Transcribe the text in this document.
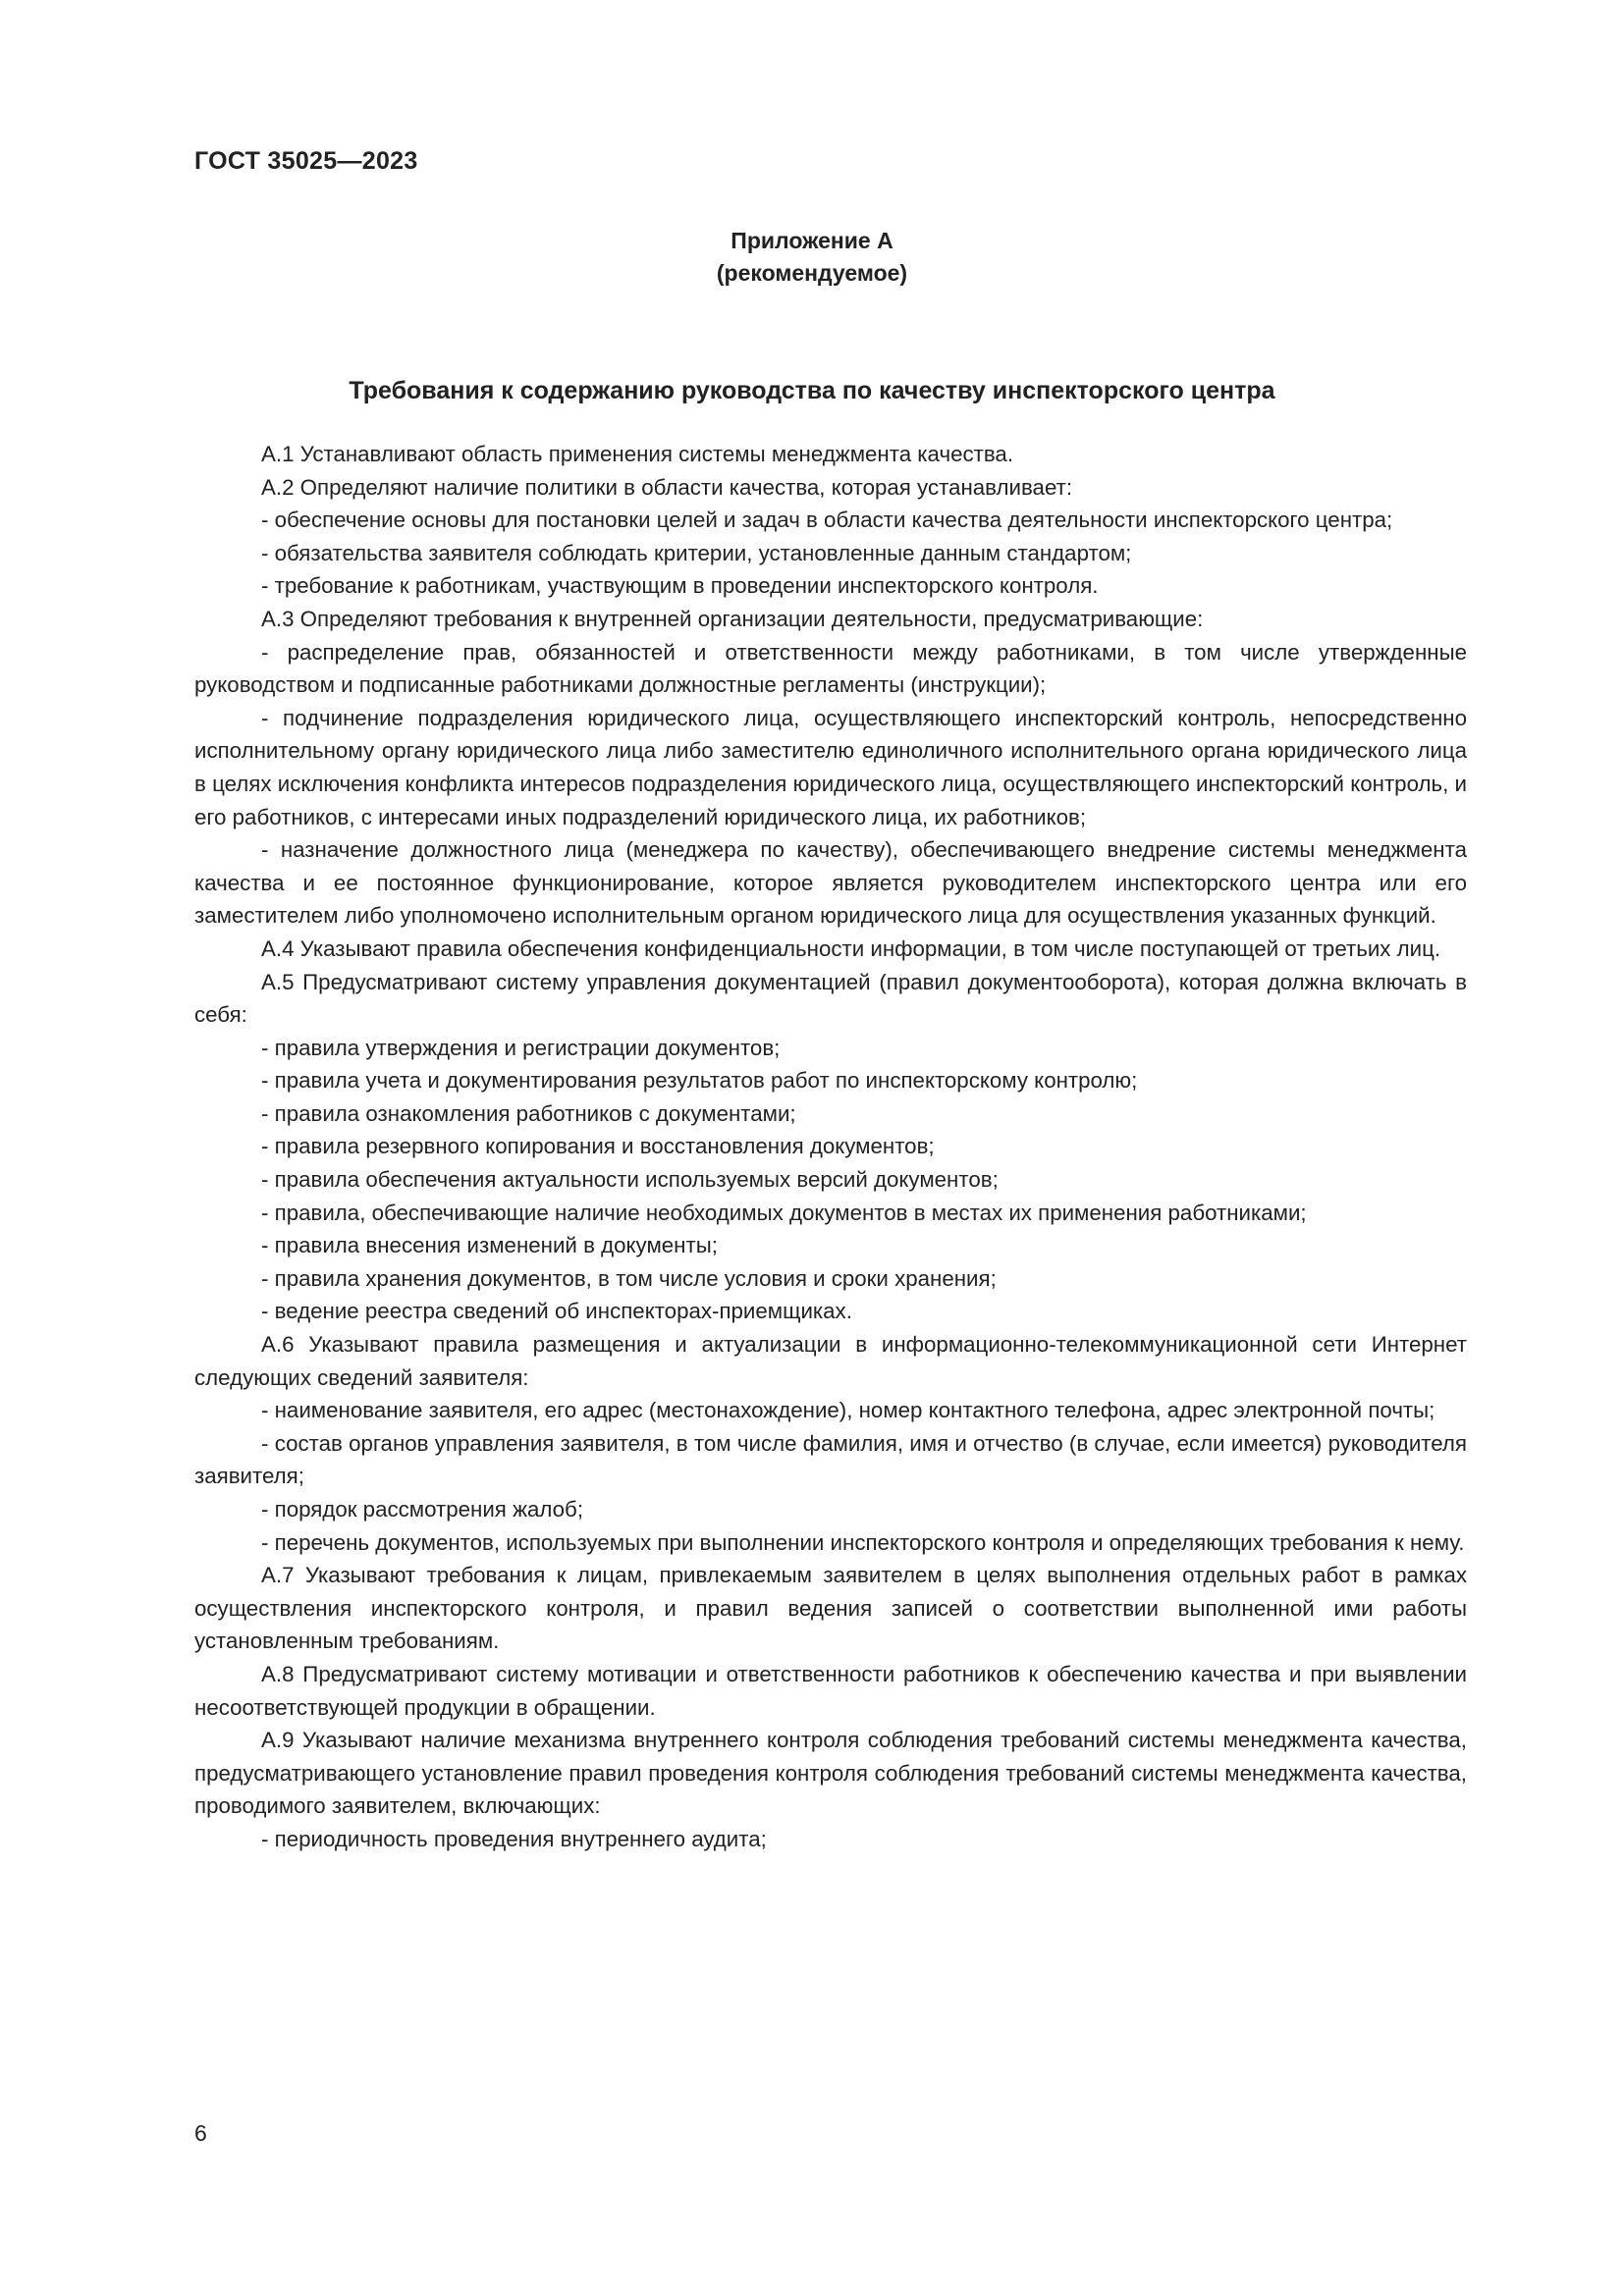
ГОСТ 35025—2023
Приложение А
(рекомендуемое)
Требования к содержанию руководства по качеству инспекторского центра

А.1 Устанавливают область применения системы менеджмента качества.

А.2 Определяют наличие политики в области качества, которая устанавливает:

- обеспечение основы для постановки целей и задач в области качества деятельности инспекторского центра;

- обязательства заявителя соблюдать критерии, установленные данным стандартом;

- требование к работникам, участвующим в проведении инспекторского контроля.

А.3 Определяют требования к внутренней организации деятельности, предусматривающие:

- распределение прав, обязанностей и ответственности между работниками, в том числе утвержденные руководством и подписанные работниками должностные регламенты (инструкции);

- подчинение подразделения юридического лица, осуществляющего инспекторский контроль, непосредственно исполнительному органу юридического лица либо заместителю единоличного исполнительного органа юридического лица в целях исключения конфликта интересов подразделения юридического лица, осуществляющего инспекторский контроль, и его работников, с интересами иных подразделений юридического лица, их работников;

- назначение должностного лица (менеджера по качеству), обеспечивающего внедрение системы менеджмента качества и ее постоянное функционирование, которое является руководителем инспекторского центра или его заместителем либо уполномочено исполнительным органом юридического лица для осуществления указанных функций.

А.4 Указывают правила обеспечения конфиденциальности информации, в том числе поступающей от третьих лиц.

А.5 Предусматривают систему управления документацией (правил документооборота), которая должна включать в себя:

- правила утверждения и регистрации документов;

- правила учета и документирования результатов работ по инспекторскому контролю;

- правила ознакомления работников с документами;

- правила резервного копирования и восстановления документов;

- правила обеспечения актуальности используемых версий документов;

- правила, обеспечивающие наличие необходимых документов в местах их применения работниками;

- правила внесения изменений в документы;

- правила хранения документов, в том числе условия и сроки хранения;

- ведение реестра сведений об инспекторах-приемщиках.

А.6 Указывают правила размещения и актуализации в информационно-телекоммуникационной сети Интернет следующих сведений заявителя:

- наименование заявителя, его адрес (местонахождение), номер контактного телефона, адрес электронной почты;

- состав органов управления заявителя, в том числе фамилия, имя и отчество (в случае, если имеется) руководителя заявителя;

- порядок рассмотрения жалоб;

- перечень документов, используемых при выполнении инспекторского контроля и определяющих требования к нему.

А.7 Указывают требования к лицам, привлекаемым заявителем в целях выполнения отдельных работ в рамках осуществления инспекторского контроля, и правил ведения записей о соответствии выполненной ими работы установленным требованиям.

А.8 Предусматривают систему мотивации и ответственности работников к обеспечению качества и при выявлении несоответствующей продукции в обращении.

А.9 Указывают наличие механизма внутреннего контроля соблюдения требований системы менеджмента качества, предусматривающего установление правил проведения контроля соблюдения требований системы менеджмента качества, проводимого заявителем, включающих:

- периодичность проведения внутреннего аудита;

6
